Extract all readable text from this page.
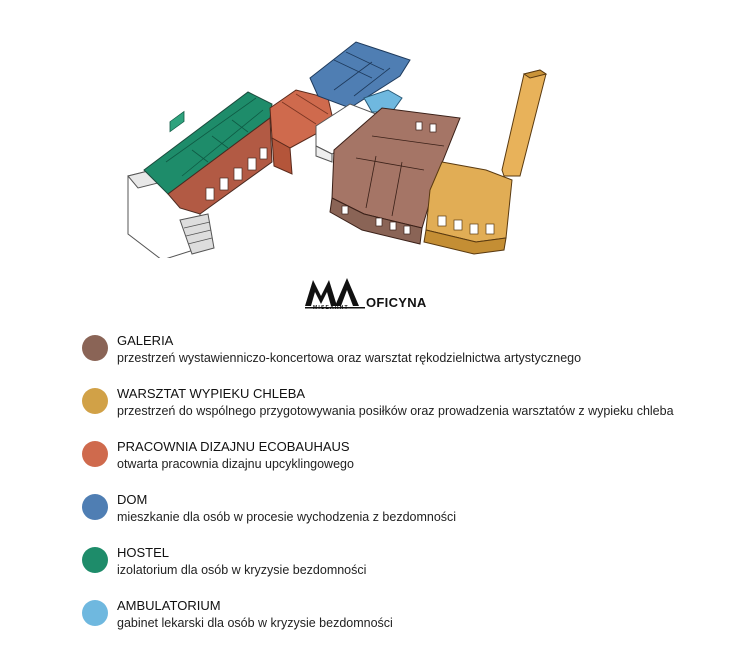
MISEARHT OFICYNA
GALERIA
przestrzeń wystawienniczo-koncertowa oraz warsztat rękodzielnictwa artystycznego
WARSZTAT WYPIEKU CHLEBA
przestrzeń do wspólnego przygotowywania posiłków oraz prowadzenia warsztatów z wypieku chleba
PRACOWNIA DIZAJNU ECOBAUHAUS
otwarta pracownia dizajnu upcyklingowego
DOM
mieszkanie dla osób w procesie wychodzenia z bezdomności
HOSTEL
izolatorium dla osób w kryzysie bezdomności
AMBULATORIUM
gabinet lekarski dla osób w kryzysie bezdomności
